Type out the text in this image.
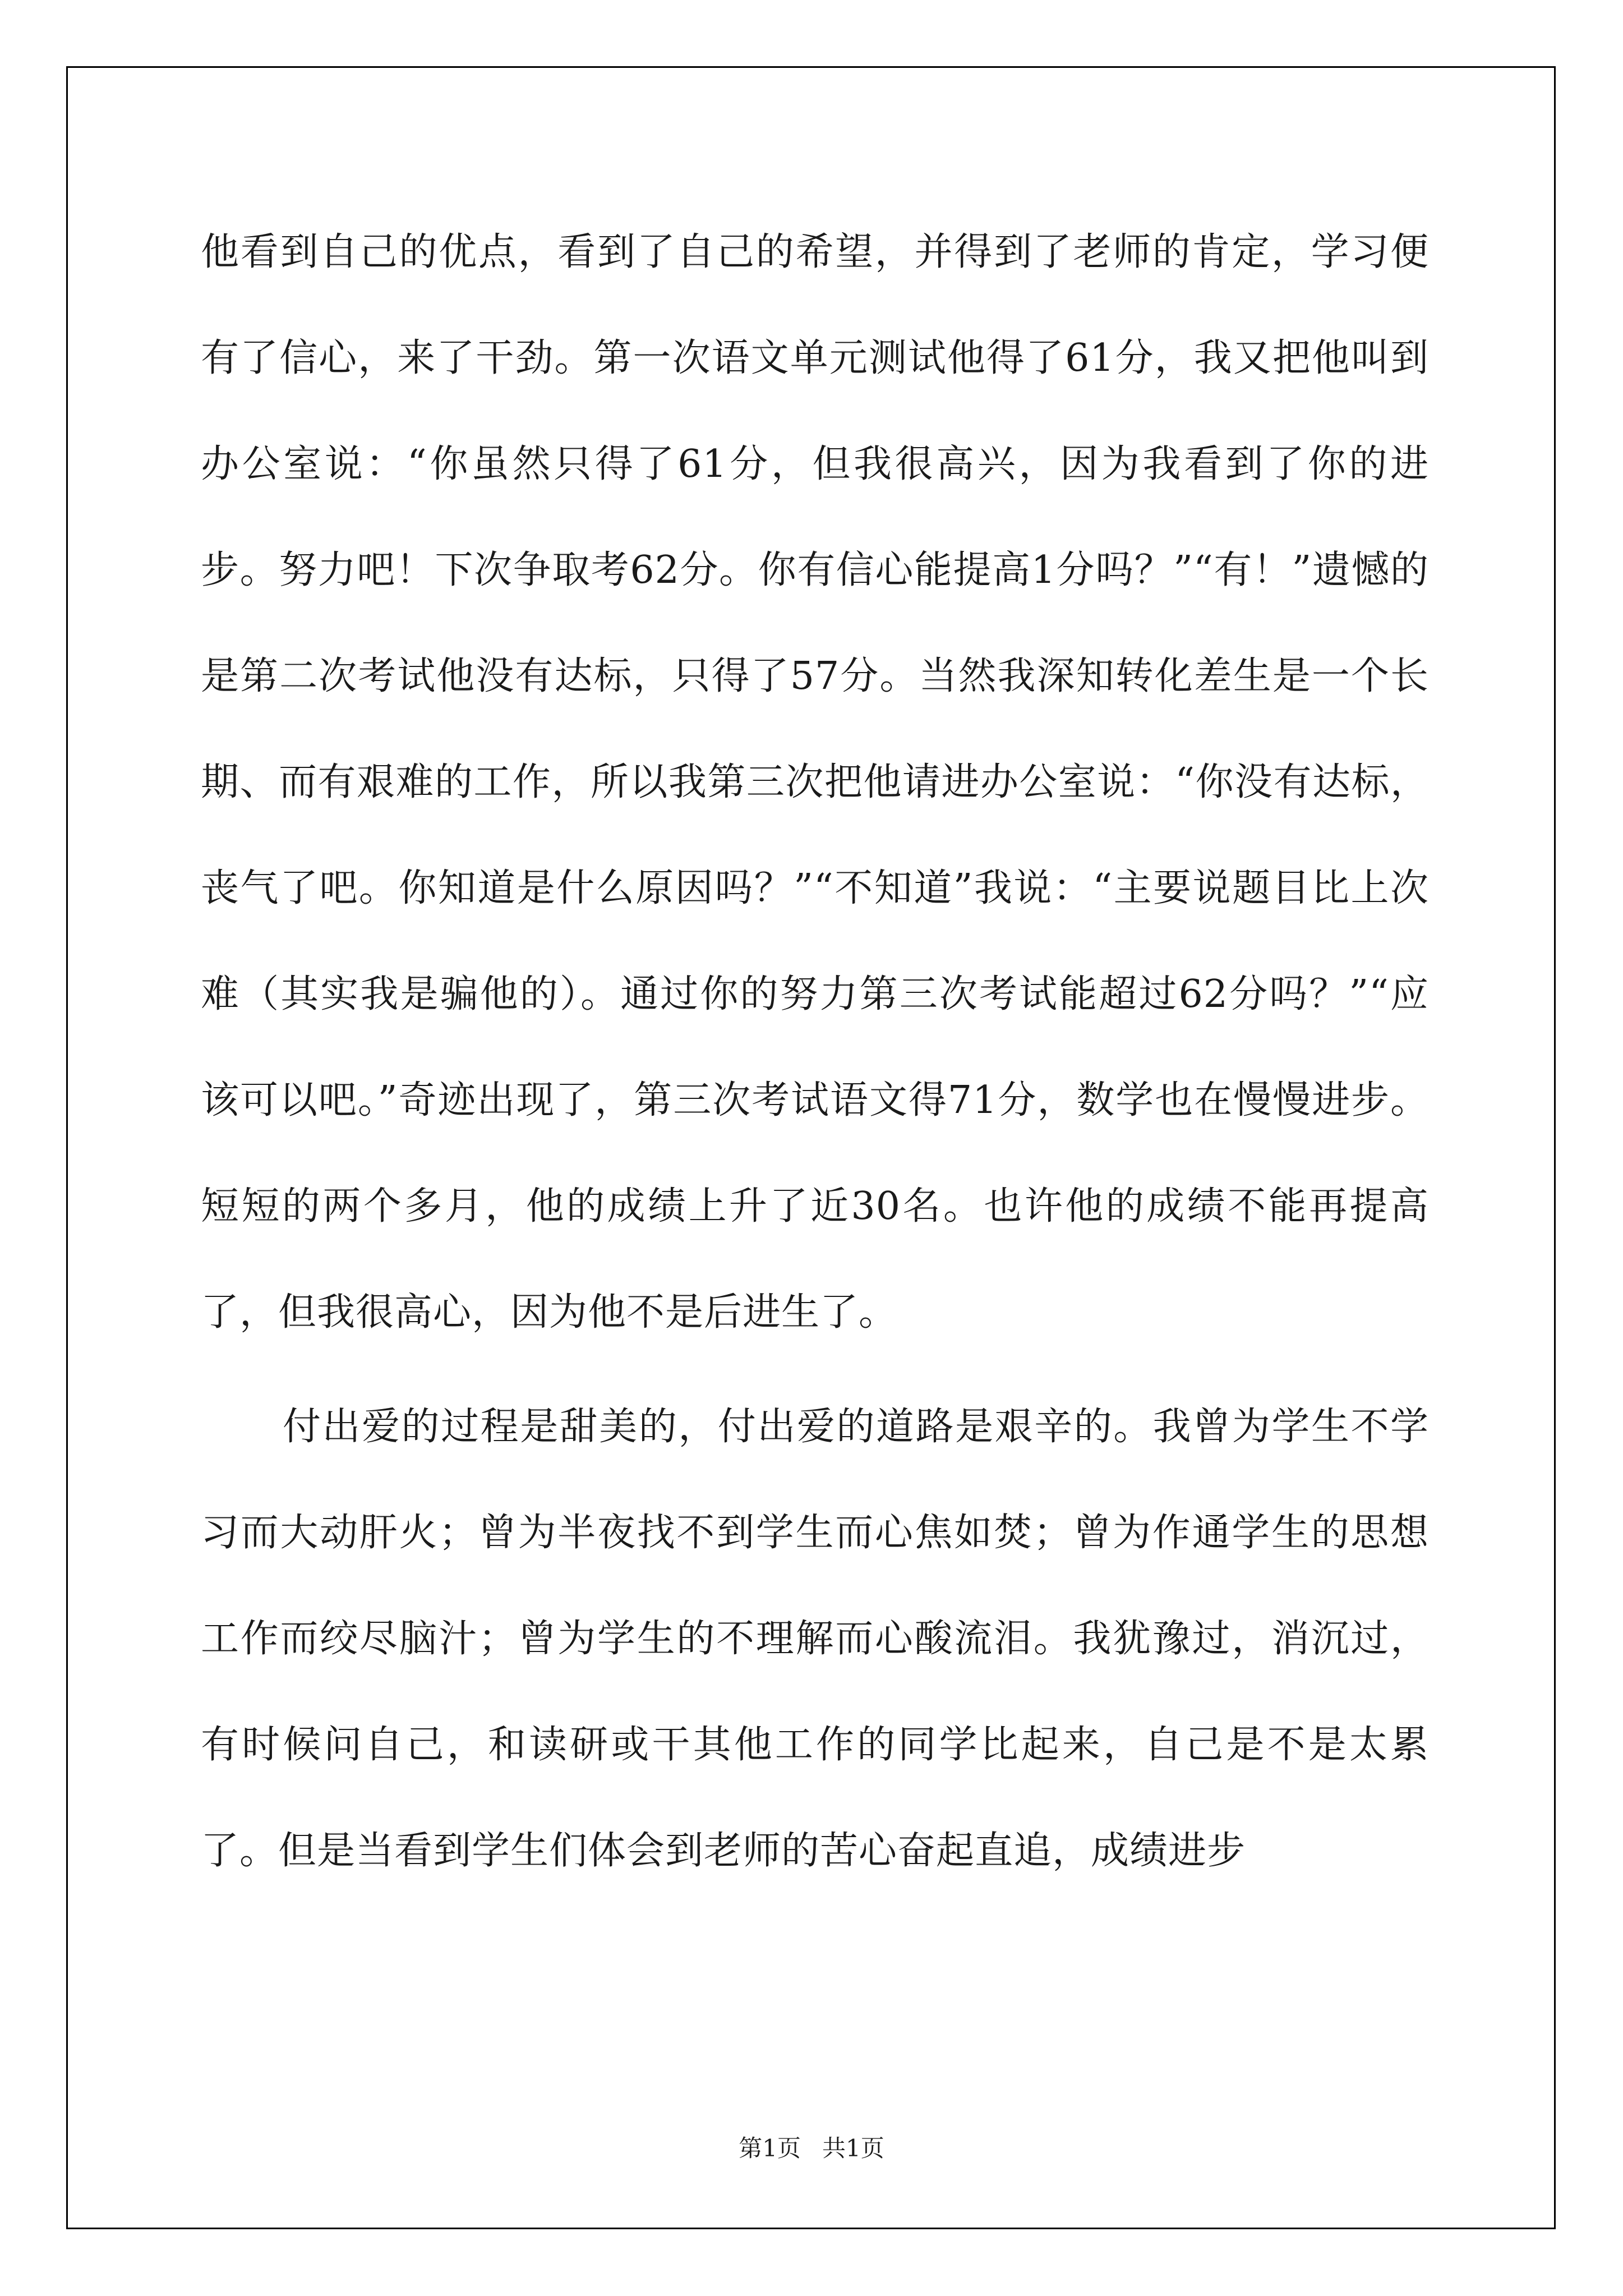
他看到自己的优点，看到了自己的希望，并得到了老师的肯定，学习便有了信心，来了干劲。第一次语文单元测试他得了61分，我又把他叫到办公室说：“你虽然只得了61分，但我很高兴，因为我看到了你的进步。努力吧！下次争取考62分。你有信心能提高1分吗？”“有！”遗憾的是第二次考试他没有达标，只得了57分。当然我深知转化差生是一个长期、而有艰难的工作，所以我第三次把他请进办公室说：“你没有达标，丧气了吧。你知道是什么原因吗？”“不知道”我说：“主要说题目比上次难（其实我是骗他的）。通过你的努力第三次考试能超过62分吗？”“应该可以吧。”奇迹出现了，第三次考试语文得71分，数学也在慢慢进步。短短的两个多月，他的成绩上升了近30名。也许他的成绩不能再提高了，但我很高心，因为他不是后进生了。

付出爱的过程是甜美的，付出爱的道路是艰辛的。我曾为学生不学习而大动肝火；曾为半夜找不到学生而心焦如焚；曾为作通学生的思想工作而绞尽脑汁；曾为学生的不理解而心酸流泪。我犹豫过，消沉过，有时候问自己，和读研或干其他工作的同学比起来，自己是不是太累了。但是当看到学生们体会到老师的苦心奋起直追，成绩进步

第1页 共1页
